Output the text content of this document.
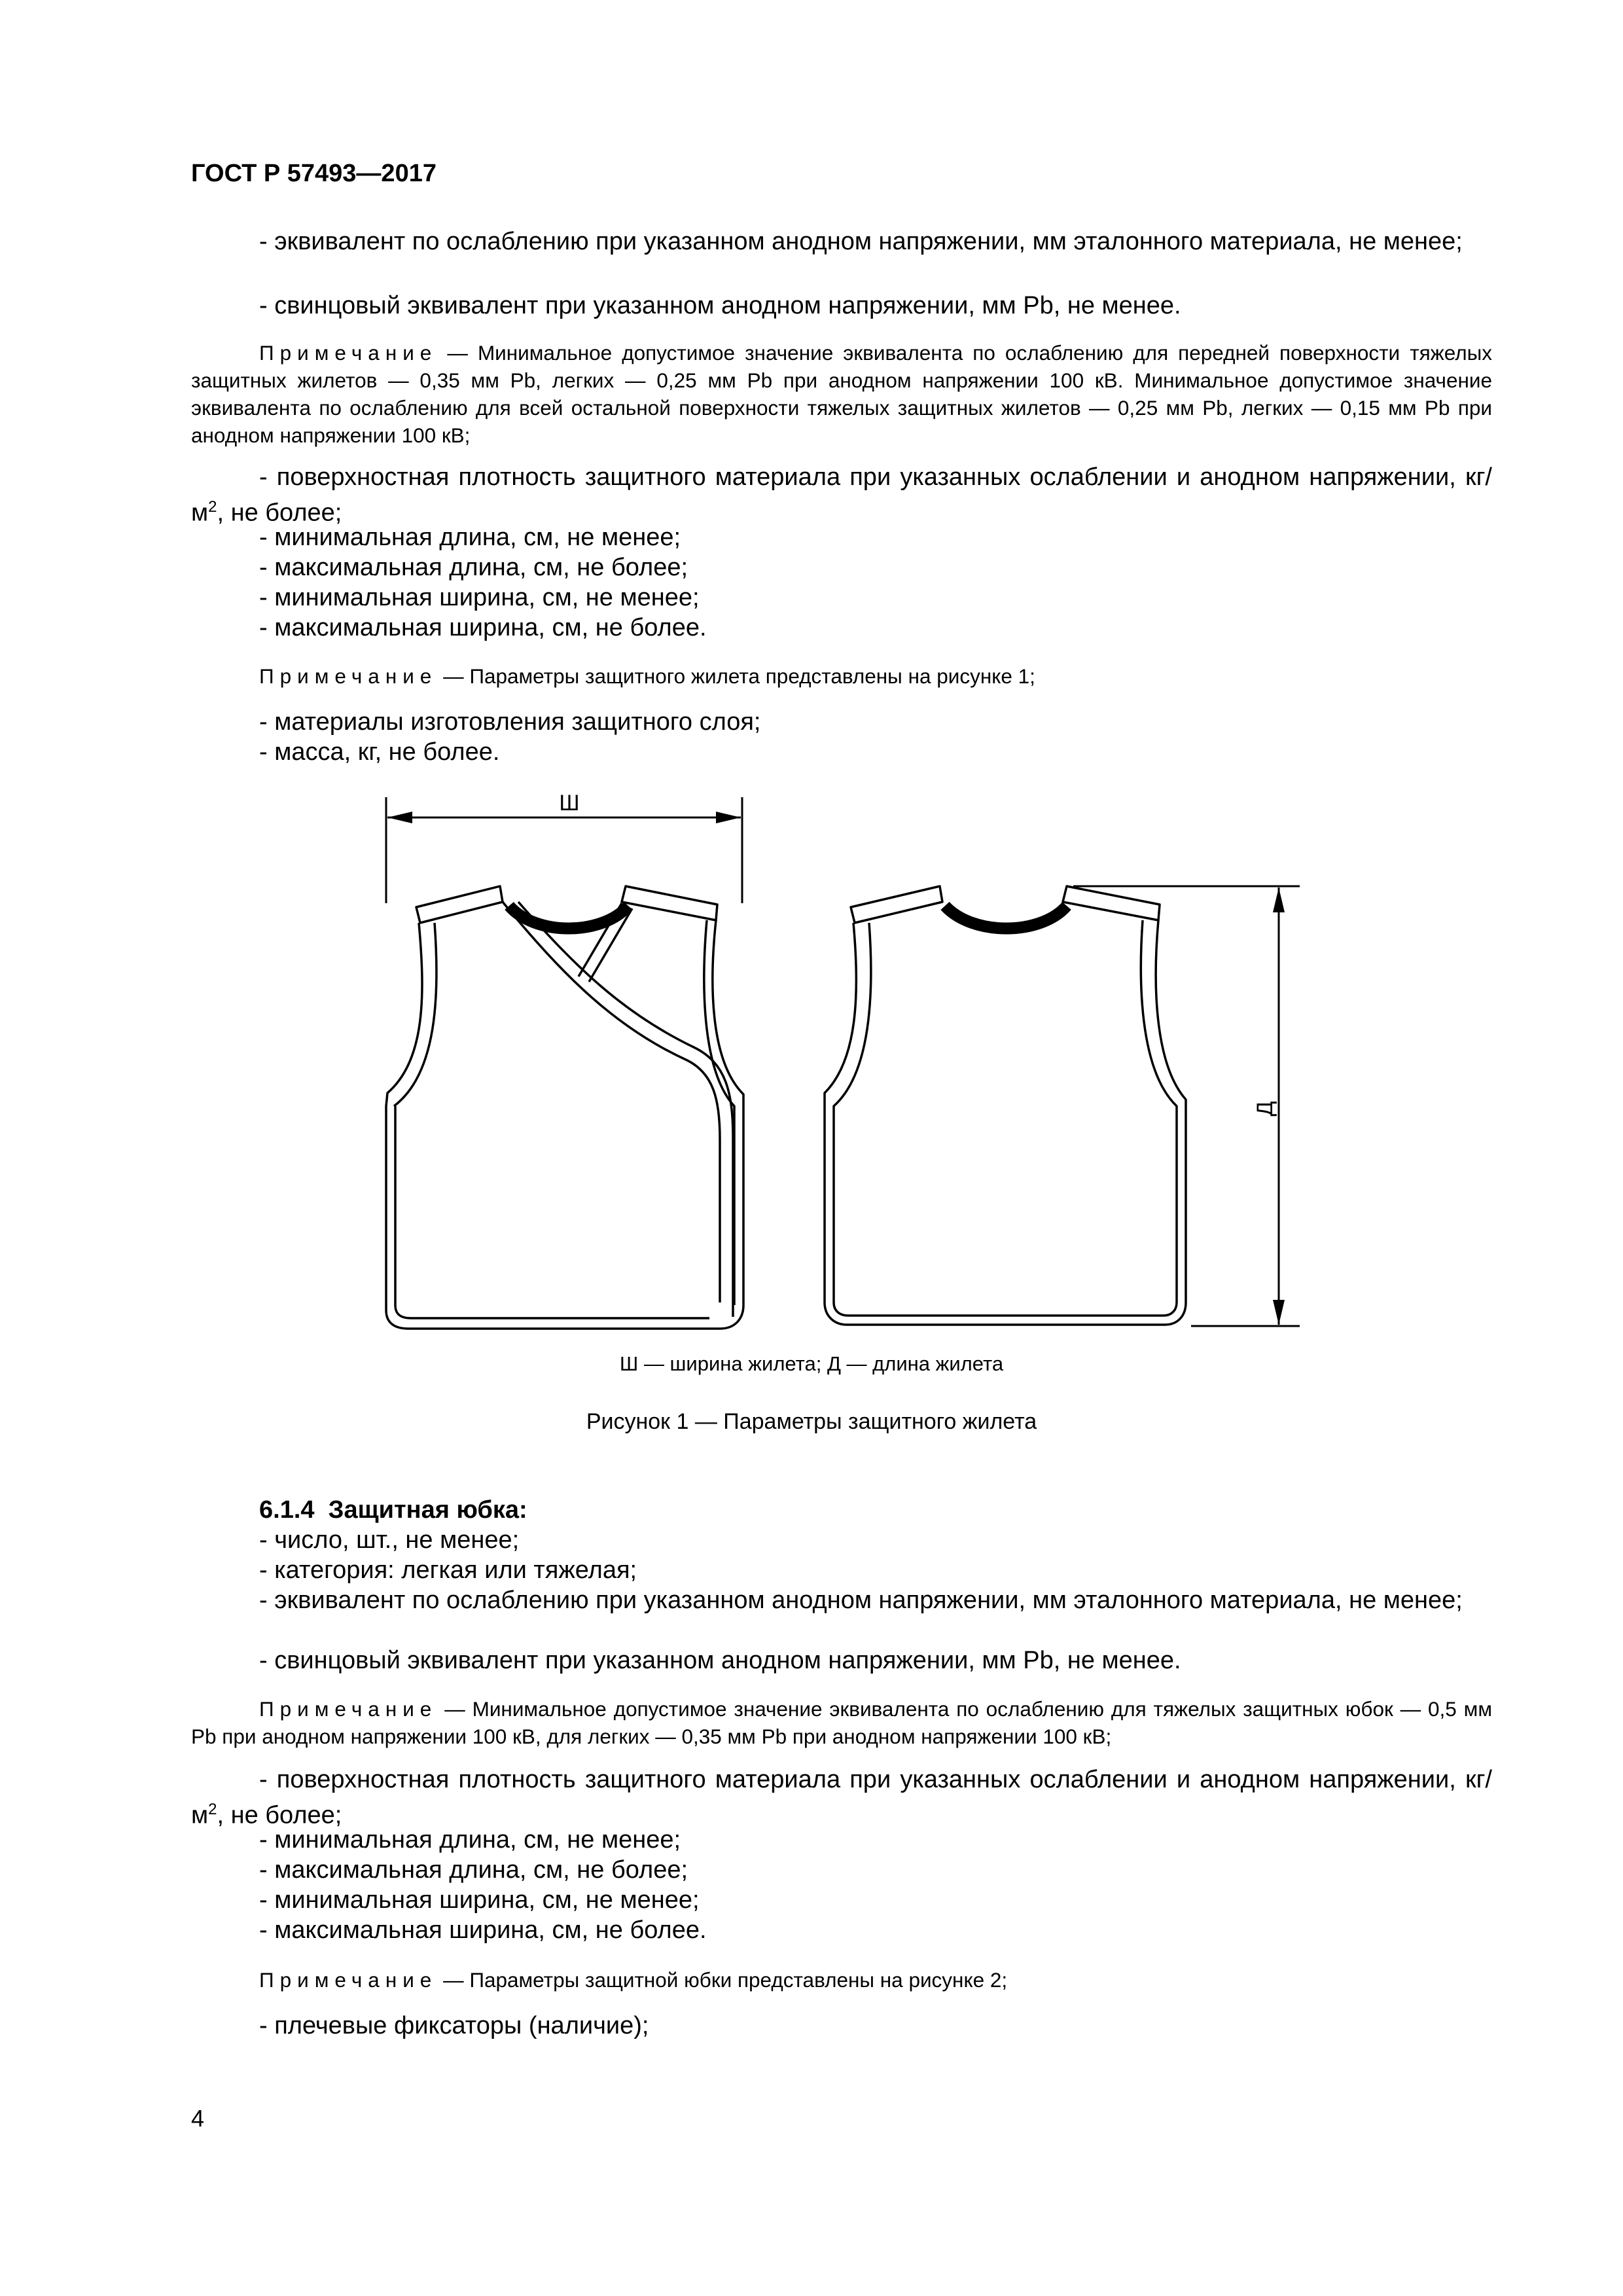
ГОСТ Р 57493—2017

- эквивалент по ослаблению при указанном анодном напряжении, мм эталонного материала, не менее;

- свинцовый эквивалент при указанном анодном напряжении, мм Pb, не менее.

Примечание — Минимальное допустимое значение эквивалента по ослаблению для передней поверхности тяжелых защитных жилетов — 0,35 мм Pb, легких — 0,25 мм Pb при анодном напряжении 100 кВ. Минимальное допустимое значение эквивалента по ослаблению для всей остальной поверхности тяжелых защитных жилетов — 0,25 мм Pb, легких — 0,15 мм Pb при анодном напряжении 100 кВ;

- поверхностная плотность защитного материала при указанных ослаблении и анодном напряжении, $кг/м^2$, не более;

- минимальная длина, см, не менее;

- максимальная длина, см, не более;

- минимальная ширина, см, не менее;

- максимальная ширина, см, не более.

Примечание — Параметры защитного жилета представлены на рисунке 1;

- материалы изготовления защитного слоя;

- масса, кг, не более.

Ш
Д
Ш — ширина жилета; Д — длина жилета
Рисунок 1 — Параметры защитного жилета

6.1.4 Защитная юбка:

- число, шт., не менее;

- категория: легкая или тяжелая;

- эквивалент по ослаблению при указанном анодном напряжении, мм эталонного материала, не менее;

- свинцовый эквивалент при указанном анодном напряжении, мм Pb, не менее.

Примечание — Минимальное допустимое значение эквивалента по ослаблению для тяжелых защитных юбок — 0,5 мм Pb при анодном напряжении 100 кВ, для легких — 0,35 мм Pb при анодном напряжении 100 кВ;

- поверхностная плотность защитного материала при указанных ослаблении и анодном напряжении, $кг/м^2$, не более;

- минимальная длина, см, не менее;

- максимальная длина, см, не более;

- минимальная ширина, см, не менее;

- максимальная ширина, см, не более.

Примечание — Параметры защитной юбки представлены на рисунке 2;

- плечевые фиксаторы (наличие);

4
